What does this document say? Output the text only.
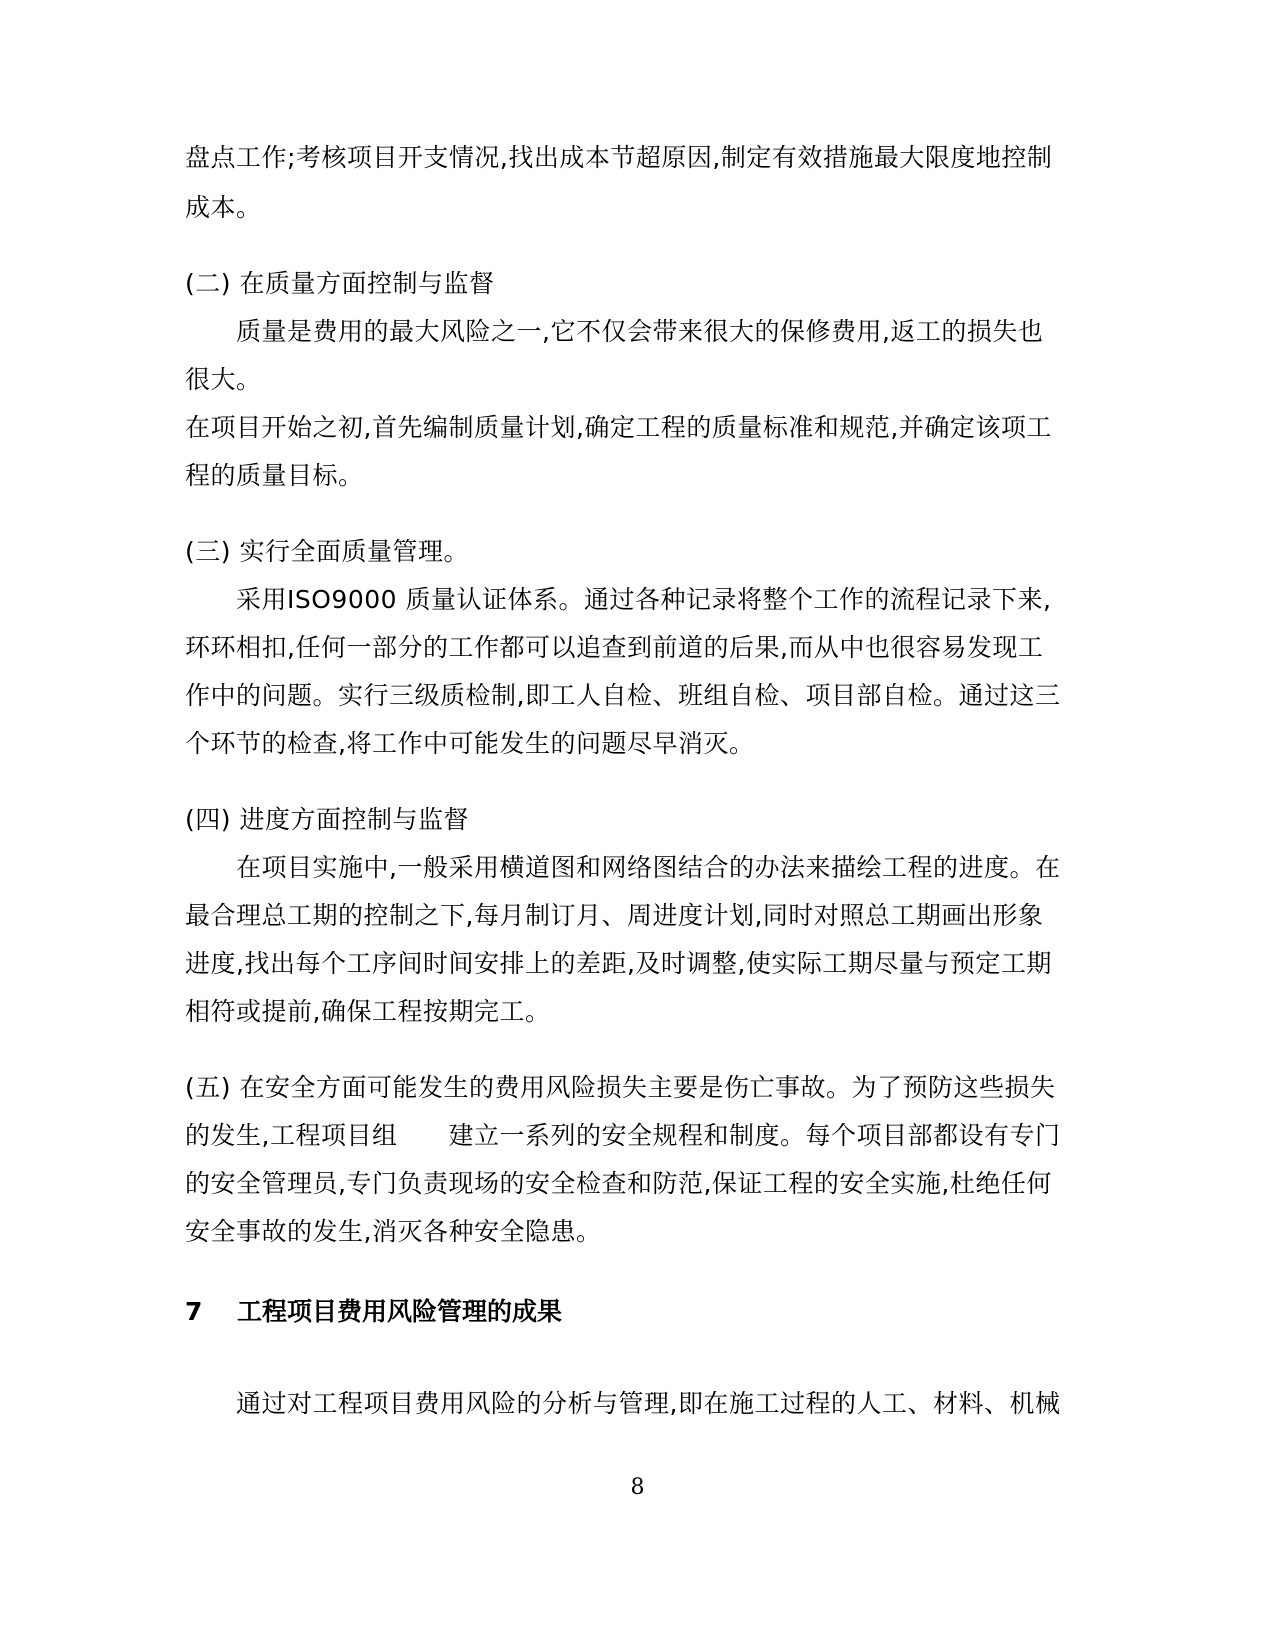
盘点工作;考核项目开支情况,找出成本节超原因,制定有效措施最大限度地控制
成本。
(二) 在质量方面控制与监督
质量是费用的最大风险之一,它不仅会带来很大的保修费用,返工的损失也
很大。
在项目开始之初,首先编制质量计划,确定工程的质量标准和规范,并确定该项工
程的质量目标。
(三) 实行全面质量管理。
采用ISO9000 质量认证体系。通过各种记录将整个工作的流程记录下来,
环环相扣,任何一部分的工作都可以追查到前道的后果,而从中也很容易发现工
作中的问题。实行三级质检制,即工人自检、班组自检、项目部自检。通过这三
个环节的检查,将工作中可能发生的问题尽早消灭。
(四) 进度方面控制与监督
在项目实施中,一般采用横道图和网络图结合的办法来描绘工程的进度。在
最合理总工期的控制之下,每月制订月、周进度计划,同时对照总工期画出形象
进度,找出每个工序间时间安排上的差距,及时调整,使实际工期尽量与预定工期
相符或提前,确保工程按期完工。
(五) 在安全方面可能发生的费用风险损失主要是伤亡事故。为了预防这些损失
的发生,工程项目组　　建立一系列的安全规程和制度。每个项目部都设有专门
的安全管理员,专门负责现场的安全检查和防范,保证工程的安全实施,杜绝任何
安全事故的发生,消灭各种安全隐患。
7 工程项目费用风险管理的成果
通过对工程项目费用风险的分析与管理,即在施工过程的人工、材料、机械
8
